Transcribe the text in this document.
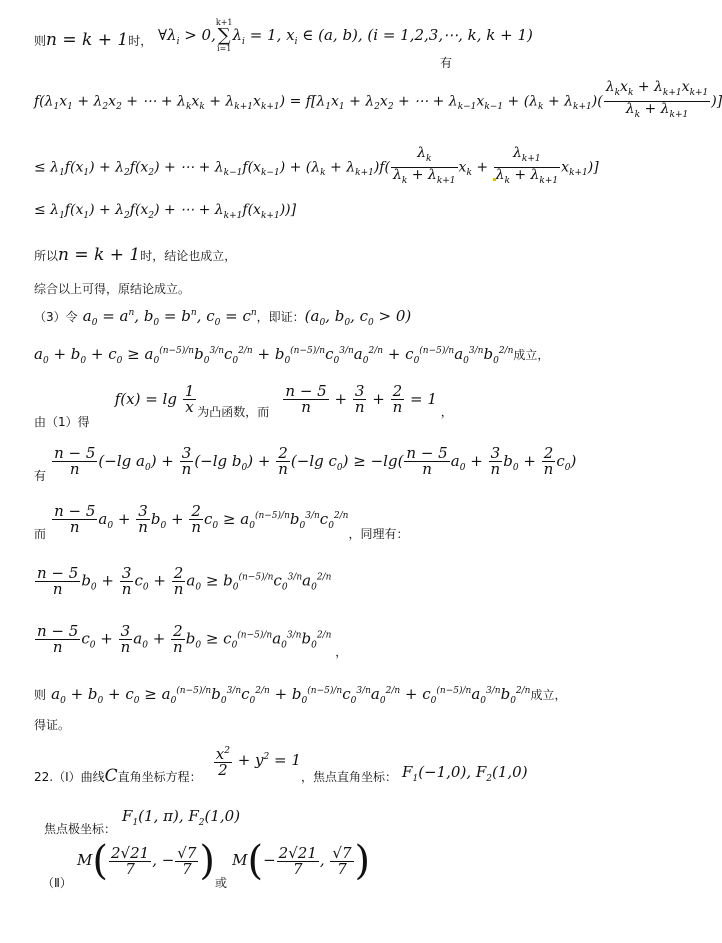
则n = k + 1时， $\forall\lambda_i > 0$,
k+1
∑
i=1
$\lambda_i = 1$, $x_i$ ∈ (a, b), (i = 1,2,3,⋯, k, k + 1)
有
$f(\lambda_1x_1 + \lambda_2x_2$ + ⋯ + $\lambda_kx_k + \lambda_{k+1}x_{k+1}) = f[\lambda_1x_1 + \lambda_2x_2$ + ⋯ + $\lambda_{k-1}x_{k-1} + (\lambda_k + \lambda_{k+1})( \frac{\lambda_kx_k + \lambda_{k+1}x_{k+1}}{\lambda_k + \lambda_{k+1}}$ )]
≤ $\lambda_1f(x_1) + \lambda_2f(x_2)$ + ⋯ + $\lambda_{k-1}f(x_{k-1}) + (\lambda_k + \lambda_{k+1})f( \frac{\lambda_k}{\lambda_k + \lambda_{k+1}} x_k + \frac{\lambda_{k+1}}{\lambda_k + \lambda_{k+1}} x_{k+1})$]
≤ $\lambda_1f(x_1) + \lambda_2f(x_2)$ + ⋯ + $\lambda_{k+1}f(x_{k+1})$)]
所以n = k + 1时，结论也成立，
综合以上可得，原结论成立。
（3）令 $a_0 = a^n$, $b_0 = b^n$, $c_0 = c^n$，即证：($a_0$, $b_0$, $c_0 > 0$)
$a_0 + b_0 + c_0 \ge a_0^{(n-5)/n}b_0^{3/n}c_0^{2/n} + b_0^{(n-5)/n}c_0^{3/n}a_0^{2/n} + c_0^{(n-5)/n}a_0^{3/n}b_0^{2/n}$成立，
$_{由(1)得}$ $f(x) = \lg \frac{1}{x} _{为凸函数,而} \frac{n - 5}{n} + \frac{3}{n} + \frac{2}{n} = 1$ $_,$
$_有 \frac{n - 5}{n} (-\lg$ $a_0) + \frac{3}{n} (-\lg$ $b_0) + \frac{2}{n} (-\lg$ $c_0) \ge -\lg( \frac{n - 5}{n} a_0 + \frac{3}{n} b_0 + \frac{2}{n} c_0)$
$_而 \frac{n - 5}{n} a_0 + \frac{3}{n} b_0 + \frac{2}{n} c_0 \ge a_0^{(n-5)/n}b_0^{3/n}c_0^{2/n}_{,同理有:}$
$\frac{n - 5}{n} b_0 + \frac{3}{n} c_0 + \frac{2}{n} a_0 \ge b_0^{(n-5)/n}c_0^{3/n}a_0^{2/n}$
$\frac{n - 5}{n} c_0 + \frac{3}{n} a_0 + \frac{2}{n} b_0 \ge c_0^{(n-5)/n}a_0^{3/n}b_0^{2/n}$ $_,$
则 $a_0 + b_0 + c_0 \ge a_0^{(n-5)/n}b_0^{3/n}c_0^{2/n} + b_0^{(n-5)/n}c_0^{3/n}a_0^{2/n} + c_0^{(n-5)/n}a_0^{3/n}b_0^{2/n}$成立，
得证。
$_{22.(Ⅰ)曲线}C_{直角坐标方程:} \frac{x^2}{2} + y^2 = 1_{,焦点直角坐标:}$ $F_1(-1,0)$, $F_2(1,0)$
$_{焦点极坐标:}F_1(1$, π), $F_2(1,0)$
$_{(Ⅱ)}$ $M( \frac{2√21}{7}$ , − $\frac{√7}{7} )_或$ $M(- \frac{2√21}{7}$ , $\frac{√7}{7}$ )
